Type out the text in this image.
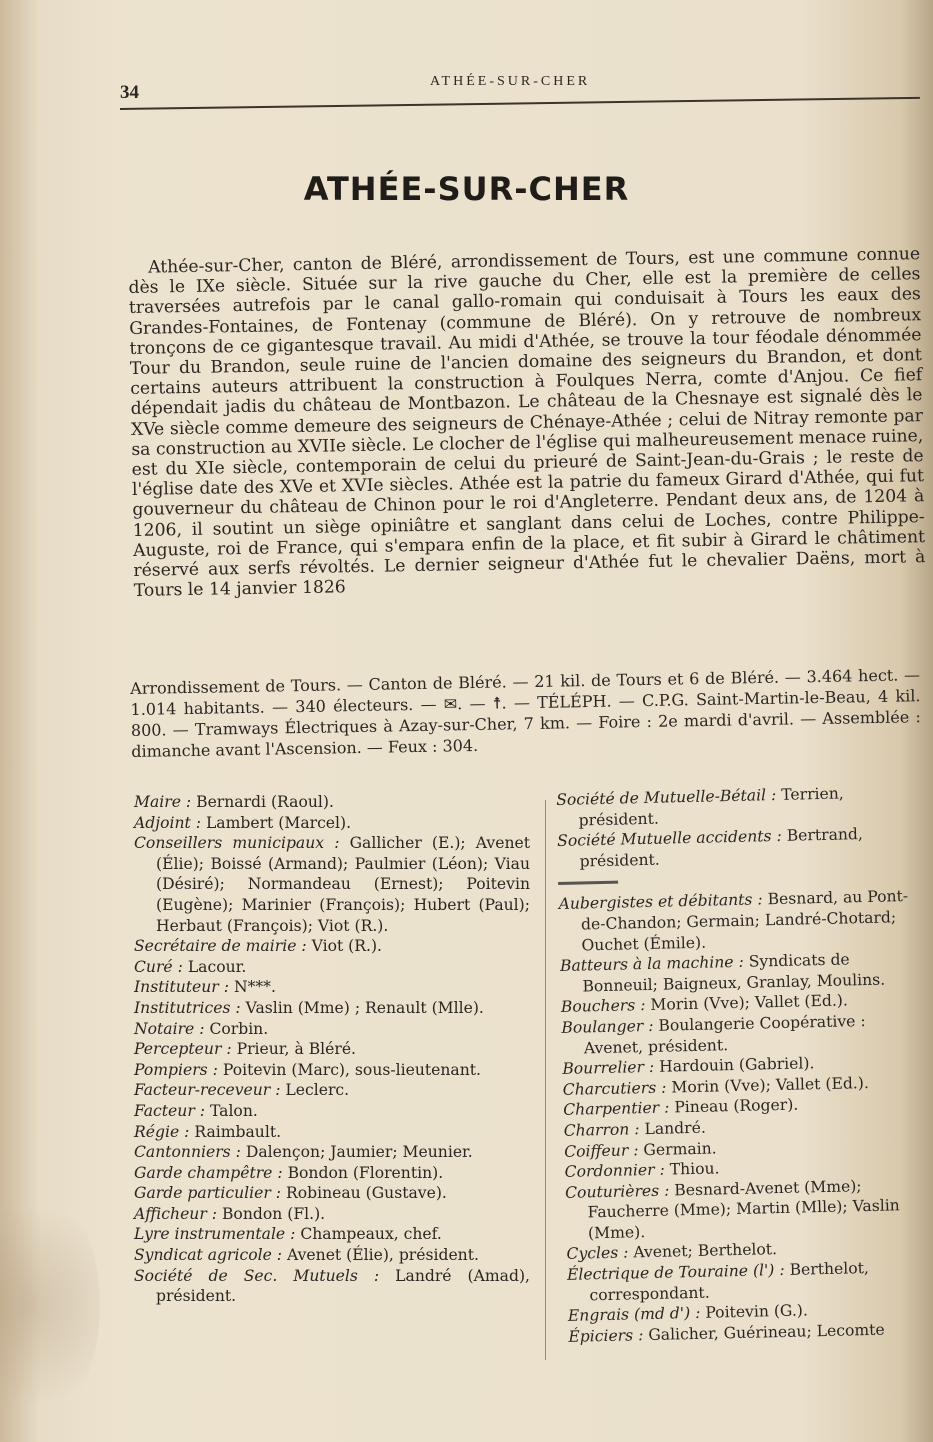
34
ATHÉE-SUR-CHER
ATHÉE-SUR-CHER

Athée-sur-Cher, canton de Bléré, arrondissement de Tours, est une commune connue dès le IXe siècle. Située sur la rive gauche du Cher, elle est la première de celles traversées autrefois par le canal gallo-romain qui conduisait à Tours les eaux des Grandes-Fontaines, de Fontenay (commune de Bléré). On y retrouve de nombreux tronçons de ce gigantesque travail. Au midi d'Athée, se trouve la tour féodale dénommée Tour du Brandon, seule ruine de l'ancien domaine des seigneurs du Brandon, et dont certains auteurs attribuent la construction à Foulques Nerra, comte d'Anjou. Ce fief dépendait jadis du château de Montbazon. Le château de la Chesnaye est signalé dès le XVe siècle comme demeure des seigneurs de Chénaye-Athée ; celui de Nitray remonte par sa construction au XVIIe siècle. Le clocher de l'église qui malheureusement menace ruine, est du XIe siècle, contemporain de celui du prieuré de Saint-Jean-du-Grais ; le reste de l'église date des XVe et XVIe siècles. Athée est la patrie du fameux Girard d'Athée, qui fut gouverneur du château de Chinon pour le roi d'Angleterre. Pendant deux ans, de 1204 à 1206, il soutint un siège opiniâtre et sanglant dans celui de Loches, contre Philippe-Auguste, roi de France, qui s'empara enfin de la place, et fit subir à Girard le châtiment réservé aux serfs révoltés. Le dernier seigneur d'Athée fut le chevalier Daëns, mort à Tours le 14 janvier 1826

Arrondissement de Tours. — Canton de Bléré. — 21 kil. de Tours et 6 de Bléré. — 3.464 hect. — 1.014 habitants. — 340 électeurs. — ✉. — ☨. — TÉLÉPH. — C.P.G. Saint-Martin-le-Beau, 4 kil. 800. — Tramways Électriques à Azay-sur-Cher, 7 km. — Foire : 2e mardi d'avril. — Assemblée : dimanche avant l'Ascension. — Feux : 304.

Maire : Bernardi (Raoul).

Adjoint : Lambert (Marcel).

Conseillers municipaux : Gallicher (E.); Avenet (Élie); Boissé (Armand); Paulmier (Léon); Viau (Désiré); Normandeau (Ernest); Poitevin (Eugène); Marinier (François); Hubert (Paul); Herbaut (François); Viot (R.).

Secrétaire de mairie : Viot (R.).

Curé : Lacour.

Instituteur : N***.

Institutrices : Vaslin (Mme) ; Renault (Mlle).

Notaire : Corbin.

Percepteur : Prieur, à Bléré.

Pompiers : Poitevin (Marc), sous-lieutenant.

Facteur-receveur : Leclerc.

Facteur : Talon.

Régie : Raimbault.

Cantonniers : Dalençon; Jaumier; Meunier.

Garde champêtre : Bondon (Florentin).

Garde particulier : Robineau (Gustave).

Afficheur : Bondon (Fl.).

Lyre instrumentale : Champeaux, chef.

Syndicat agricole : Avenet (Élie), président.

Société de Sec. Mutuels : Landré (Amad), président.

Société de Mutuelle-Bétail : Terrien, président.

Société Mutuelle accidents : Bertrand, président.

Aubergistes et débitants : Besnard, au Pont-de-Chandon; Germain; Landré-Chotard; Ouchet (Émile).

Batteurs à la machine : Syndicats de Bonneuil; Baigneux, Granlay, Moulins.

Bouchers : Morin (Vve); Vallet (Ed.).

Boulanger : Boulangerie Coopérative : Avenet, président.

Bourrelier : Hardouin (Gabriel).

Charcutiers : Morin (Vve); Vallet (Ed.).

Charpentier : Pineau (Roger).

Charron : Landré.

Coiffeur : Germain.

Cordonnier : Thiou.

Couturières : Besnard-Avenet (Mme); Faucherre (Mme); Martin (Mlle); Vaslin (Mme).

Cycles : Avenet; Berthelot.

Électrique de Touraine (l') : Berthelot, correspondant.

Engrais (md d') : Poitevin (G.).

Épiciers : Galicher, Guérineau; Lecomte
